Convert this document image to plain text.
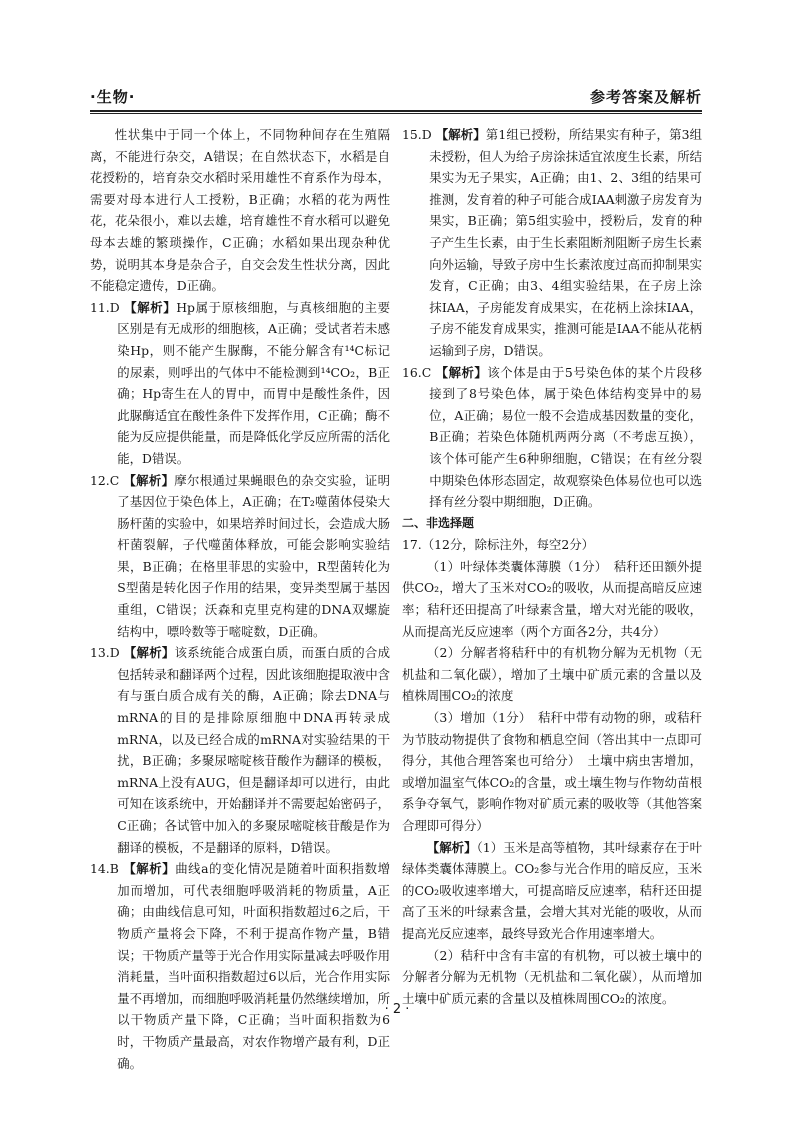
·生物·	参考答案及解析

性状集中于同一个体上，不同物种间存在生殖隔离，不能进行杂交，A错误；在自然状态下，水稻是自花授粉的，培育杂交水稻时采用雄性不育系作为母本，需要对母本进行人工授粉，B正确；水稻的花为两性花，花朵很小，难以去雄，培育雄性不育水稻可以避免母本去雄的繁琐操作，C正确；水稻如果出现杂种优势，说明其本身是杂合子，自交会发生性状分离，因此不能稳定遗传，D正确。

11.D 【解析】Hp属于原核细胞，与真核细胞的主要区别是有无成形的细胞核，A正确；受试者若未感染Hp，则不能产生脲酶，不能分解含有¹⁴C标记的尿素，则呼出的气体中不能检测到¹⁴CO₂，B正确；Hp寄生在人的胃中，而胃中是酸性条件，因此脲酶适宜在酸性条件下发挥作用，C正确；酶不能为反应提供能量，而是降低化学反应所需的活化能，D错误。

12.C 【解析】摩尔根通过果蝇眼色的杂交实验，证明了基因位于染色体上，A正确；在T₂噬菌体侵染大肠杆菌的实验中，如果培养时间过长，会造成大肠杆菌裂解，子代噬菌体释放，可能会影响实验结果，B正确；在格里菲思的实验中，R型菌转化为S型菌是转化因子作用的结果，变异类型属于基因重组，C错误；沃森和克里克构建的DNA双螺旋结构中，嘌呤数等于嘧啶数，D正确。

13.D 【解析】该系统能合成蛋白质，而蛋白质的合成包括转录和翻译两个过程，因此该细胞提取液中含有与蛋白质合成有关的酶，A正确；除去DNA与mRNA的目的是排除原细胞中DNA再转录成mRNA，以及已经合成的mRNA对实验结果的干扰，B正确；多聚尿嘧啶核苷酸作为翻译的模板，mRNA上没有AUG，但是翻译却可以进行，由此可知在该系统中，开始翻译并不需要起始密码子，C正确；各试管中加入的多聚尿嘧啶核苷酸是作为翻译的模板，不是翻译的原料，D错误。

14.B 【解析】曲线a的变化情况是随着叶面积指数增加而增加，可代表细胞呼吸消耗的物质量，A正确；由曲线信息可知，叶面积指数超过6之后，干物质产量将会下降，不利于提高作物产量，B错误；干物质产量等于光合作用实际量减去呼吸作用消耗量，当叶面积指数超过6以后，光合作用实际量不再增加，而细胞呼吸消耗量仍然继续增加，所以干物质产量下降，C正确；当叶面积指数为6时，干物质产量最高，对农作物增产最有利，D正确。

15.D 【解析】第1组已授粉，所结果实有种子，第3组未授粉，但人为给子房涂抹适宜浓度生长素，所结果实为无子果实，A正确；由1、2、3组的结果可推测，发育着的种子可能合成IAA刺激子房发育为果实，B正确；第5组实验中，授粉后，发育的种子产生生长素，由于生长素阻断剂阻断子房生长素向外运输，导致子房中生长素浓度过高而抑制果实发育，C正确；由3、4组实验结果，在子房上涂抹IAA，子房能发育成果实，在花柄上涂抹IAA，子房不能发育成果实，推测可能是IAA不能从花柄运输到子房，D错误。

16.C 【解析】该个体是由于5号染色体的某个片段移接到了8号染色体，属于染色体结构变异中的易位，A正确；易位一般不会造成基因数量的变化，B正确；若染色体随机两两分离（不考虑互换），该个体可能产生6种卵细胞，C错误；在有丝分裂中期染色体形态固定，故观察染色体易位也可以选择有丝分裂中期细胞，D正确。

二、非选择题

17.（12分，除标注外，每空2分）

（1）叶绿体类囊体薄膜（1分）　秸秆还田额外提供CO₂，增大了玉米对CO₂的吸收，从而提高暗反应速率；秸秆还田提高了叶绿素含量，增大对光能的吸收，从而提高光反应速率（两个方面各2分，共4分）

（2）分解者将秸秆中的有机物分解为无机物（无机盐和二氧化碳），增加了土壤中矿质元素的含量以及植株周围CO₂的浓度

（3）增加（1分）　秸秆中带有动物的卵，或秸秆为节肢动物提供了食物和栖息空间（答出其中一点即可得分，其他合理答案也可给分）　土壤中病虫害增加，或增加温室气体CO₂的含量，或土壤生物与作物幼苗根系争夺氧气，影响作物对矿质元素的吸收等（其他答案合理即可得分）

【解析】（1）玉米是高等植物，其叶绿素存在于叶绿体类囊体薄膜上。CO₂参与光合作用的暗反应，玉米的CO₂吸收速率增大，可提高暗反应速率，秸秆还田提高了玉米的叶绿素含量，会增大其对光能的吸收，从而提高光反应速率，最终导致光合作用速率增大。

（2）秸秆中含有丰富的有机物，可以被土壤中的分解者分解为无机物（无机盐和二氧化碳），从而增加土壤中矿质元素的含量以及植株周围CO₂的浓度。

· 2 ·
